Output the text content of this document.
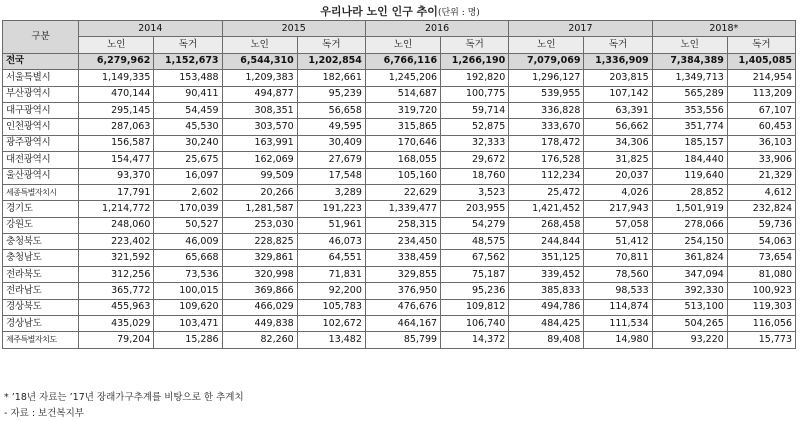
우리나라 노인 인구 추이(단위 : 명)
구분	2014		2015		2016		2017		2018*	
	노인	독거	노인	독거	노인	독거	노인	독거	노인	독거
전국	6,279,962	1,152,673	6,544,310	1,202,854	6,766,116	1,266,190	7,079,069	1,336,909	7,384,389	1,405,085
서울특별시	1,149,335	153,488	1,209,383	182,661	1,245,206	192,820	1,296,127	203,815	1,349,713	214,954
부산광역시	470,144	90,411	494,877	95,239	514,687	100,775	539,955	107,142	565,289	113,209
대구광역시	295,145	54,459	308,351	56,658	319,720	59,714	336,828	63,391	353,556	67,107
인천광역시	287,063	45,530	303,570	49,595	315,865	52,875	333,670	56,662	351,774	60,453
광주광역시	156,587	30,240	163,991	30,409	170,646	32,333	178,472	34,306	185,157	36,103
대전광역시	154,477	25,675	162,069	27,679	168,055	29,672	176,528	31,825	184,440	33,906
울산광역시	93,370	16,097	99,509	17,548	105,160	18,760	112,234	20,037	119,640	21,329
세종특별자치시	17,791	2,602	20,266	3,289	22,629	3,523	25,472	4,026	28,852	4,612
경기도	1,214,772	170,039	1,281,587	191,223	1,339,477	203,955	1,421,452	217,943	1,501,919	232,824
강원도	248,060	50,527	253,030	51,961	258,315	54,279	268,458	57,058	278,066	59,736
충청북도	223,402	46,009	228,825	46,073	234,450	48,575	244,844	51,412	254,150	54,063
충청남도	321,592	65,668	329,861	64,551	338,459	67,562	351,125	70,811	361,824	73,654
전라북도	312,256	73,536	320,998	71,831	329,855	75,187	339,452	78,560	347,094	81,080
전라남도	365,772	100,015	369,866	92,200	376,950	95,236	385,833	98,533	392,330	100,923
경상북도	455,963	109,620	466,029	105,783	476,676	109,812	494,786	114,874	513,100	119,303
경상남도	435,029	103,471	449,838	102,672	464,167	106,740	484,425	111,534	504,265	116,056
제주특별자치도	79,204	15,286	82,260	13,482	85,799	14,372	89,408	14,980	93,220	15,773
* ’18년 자료는 ’17년 장래가구추계를 비탕으로 한 추계치
- 자료 : 보건복지부
